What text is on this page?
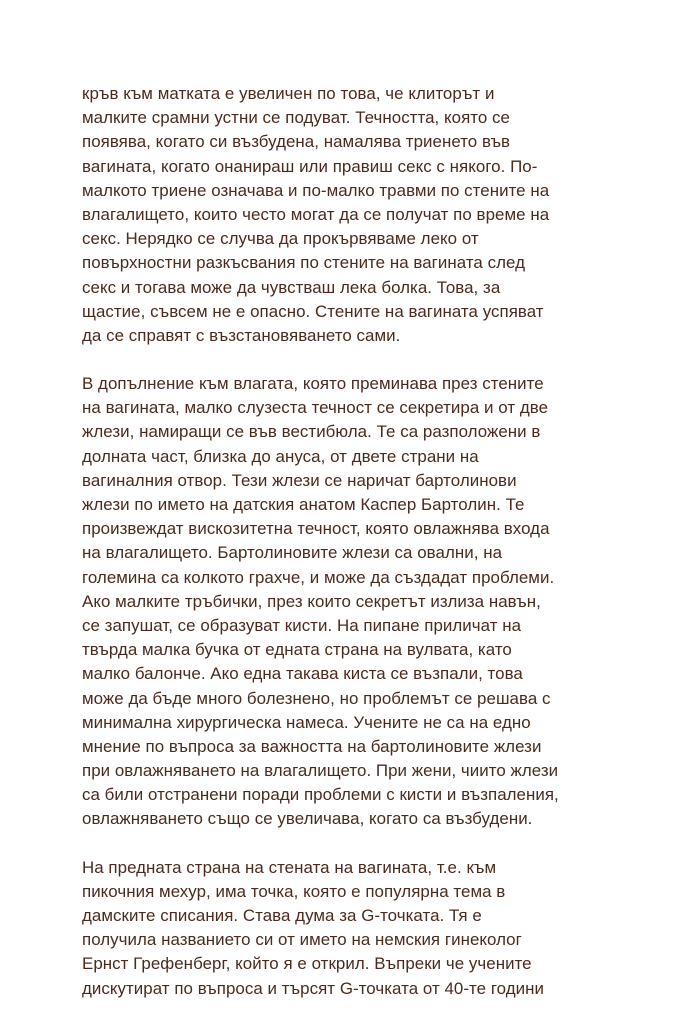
кръв към матката е увеличен по това, че клиторът и
малките срамни устни се подуват. Течността, която се
появява, когато си възбудена, намалява триенето във
вагината, когато онанираш или правиш секс с някого. По-
малкото триене означава и по-малко травми по стените на
влагалището, които често могат да се получат по време на
секс. Нерядко се случва да прокървяваме леко от
повърхностни разкъсвания по стените на вагината след
секс и тогава може да чувстваш лека болка. Това, за
щастие, съвсем не е опасно. Стените на вагината успяват
да се справят с възстановяването сами.

В допълнение към влагата, която преминава през стените
на вагината, малко слузеста течност се секретира и от две
жлези, намиращи се във вестибюла. Те са разположени в
долната част, близка до ануса, от двете страни на
вагиналния отвор. Тези жлези се наричат бартолинови
жлези по името на датския анатом Каспер Бартолин. Те
произвеждат вискозитетна течност, която овлажнява входа
на влагалището. Бартолиновите жлези са овални, на
големина са колкото грахче, и може да създадат проблеми.
Ако малките тръбички, през които секретът излиза навън,
се запушат, се образуват кисти. На пипане приличат на
твърда малка бучка от едната страна на вулвата, като
малко балонче. Ако една такава киста се възпали, това
може да бъде много болезнено, но проблемът се решава с
минимална хирургическа намеса. Учените не са на едно
мнение по въпроса за важността на бартолиновите жлези
при овлажняването на влагалището. При жени, чиито жлези
са били отстранени поради проблеми с кисти и възпаления,
овлажняването също се увеличава, когато са възбудени.

На предната страна на стената на вагината, т.е. към
пикочния мехур, има точка, която е популярна тема в
дамските списания. Става дума за G-точката. Тя е
получила названието си от името на немския гинеколог
Ернст Грефенберг, който я е открил. Въпреки че учените
дискутират по въпроса и търсят G-точката от 40-те години
